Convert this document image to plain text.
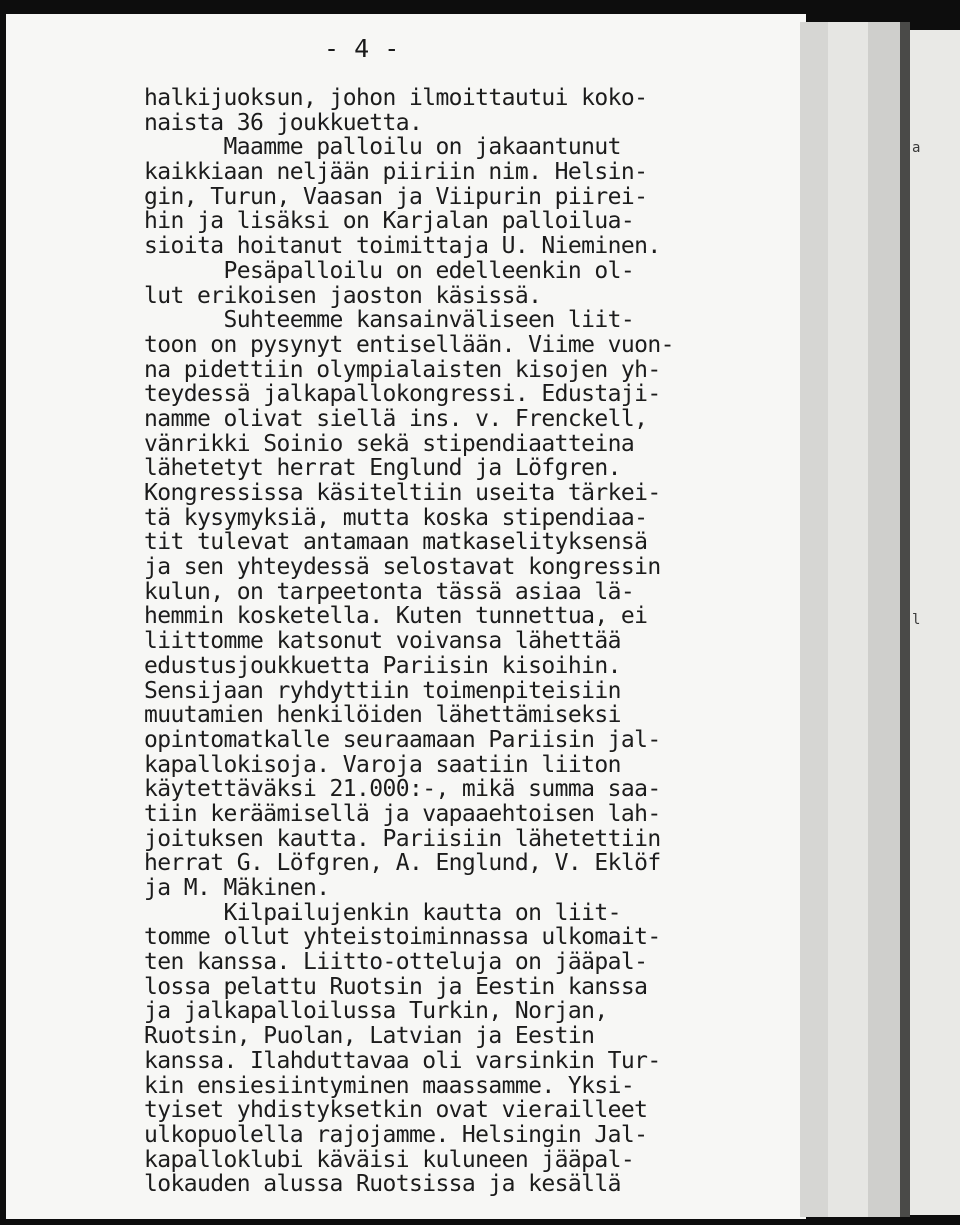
- 4 -
halkijuoksun, johon ilmoittautui koko-
naista 36 joukkuetta.
Maamme palloilu on jakaantunut
kaikkiaan neljään piiriin nim. Helsin-
gin, Turun, Vaasan ja Viipurin piirei-
hin ja lisäksi on Karjalan palloilua-
sioita hoitanut toimittaja U. Nieminen.
Pesäpalloilu on edelleenkin ol-
lut erikoisen jaoston käsissä.
Suhteemme kansainväliseen liit-
toon on pysynyt entisellään. Viime vuon-
na pidettiin olympialaisten kisojen yh-
teydessä jalkapallokongressi. Edustaji-
namme olivat siellä ins. v. Frenckell,
vänrikki Soinio sekä stipendiaatteina
lähetetyt herrat Englund ja Löfgren.
Kongressissa käsiteltiin useita tärkei-
tä kysymyksiä, mutta koska stipendiaa-
tit tulevat antamaan matkaselityksensä
ja sen yhteydessä selostavat kongressin
kulun, on tarpeetonta tässä asiaa lä-
hemmin kosketella. Kuten tunnettua, ei
liittomme katsonut voivansa lähettää
edustusjoukkuetta Pariisin kisoihin.
Sensijaan ryhdyttiin toimenpiteisiin
muutamien henkilöiden lähettämiseksi
opintomatkalle seuraamaan Pariisin jal-
kapallokisoja. Varoja saatiin liiton
käytettäväksi 21.000:-, mikä summa saa-
tiin keräämisellä ja vapaaehtoisen lah-
joituksen kautta. Pariisiin lähetettiin
herrat G. Löfgren, A. Englund, V. Eklöf
ja M. Mäkinen.
Kilpailujenkin kautta on liit-
tomme ollut yhteistoiminnassa ulkomait-
ten kanssa. Liitto-otteluja on jääpal-
lossa pelattu Ruotsin ja Eestin kanssa
ja jalkapalloilussa Turkin, Norjan,
Ruotsin, Puolan, Latvian ja Eestin
kanssa. Ilahduttavaa oli varsinkin Tur-
kin ensiesiintyminen maassamme. Yksi-
tyiset yhdistyksetkin ovat vierailleet
ulkopuolella rajojamme. Helsingin Jal-
kapalloklubi käväisi kuluneen jääpal-
lokauden alussa Ruotsissa ja kesällä
a
l
